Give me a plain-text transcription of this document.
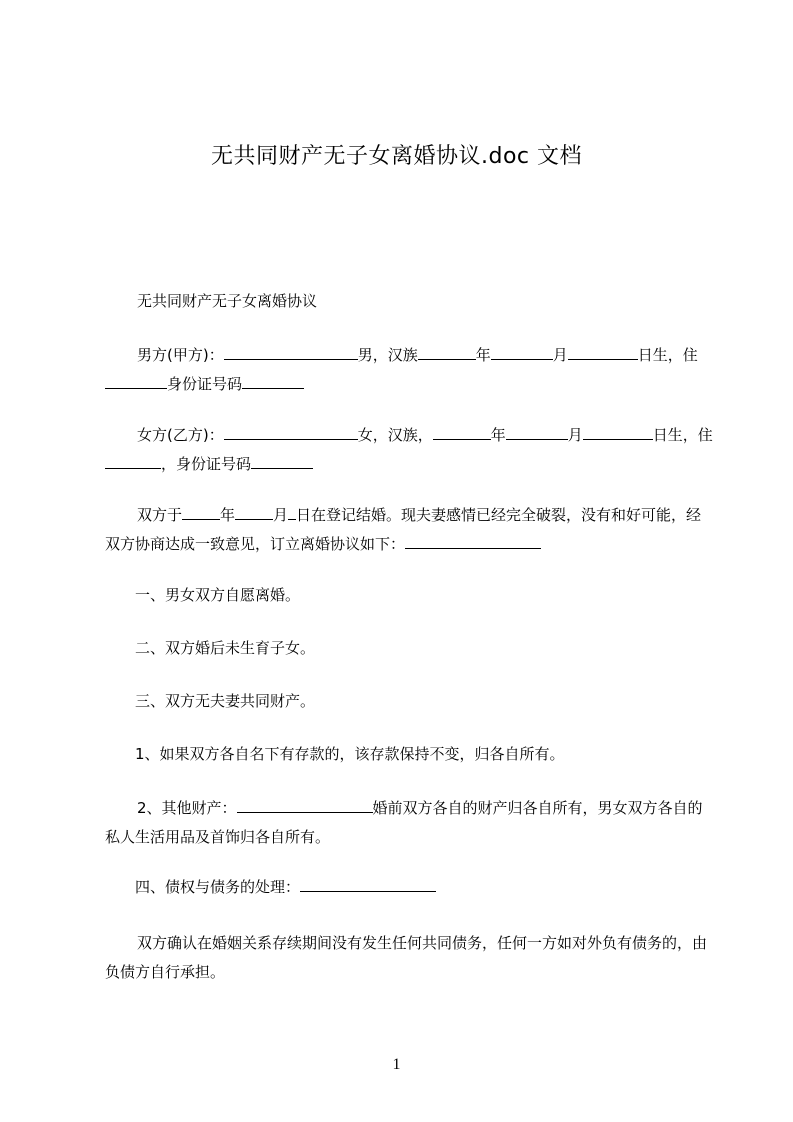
无共同财产无子女离婚协议.doc 文档

无共同财产无子女离婚协议

男方(甲方)：	男，汉族	年	月	日生，住身份证号码

女方(乙方)：	女，汉族，	年	月	日生，住，身份证号码

双方于	年	月 日在登记结婚。现夫妻感情已经完全破裂，没有和好可能，经双方协商达成一致意见，订立离婚协议如下：

一、男女双方自愿离婚。

二、双方婚后未生育子女。

三、双方无夫妻共同财产。

1、如果双方各自名下有存款的，该存款保持不变，归各自所有。

2、其他财产：	婚前双方各自的财产归各自所有，男女双方各自的私人生活用品及首饰归各自所有。

四、债权与债务的处理：

双方确认在婚姻关系存续期间没有发生任何共同债务，任何一方如对外负有债务的，由负债方自行承担。

1
